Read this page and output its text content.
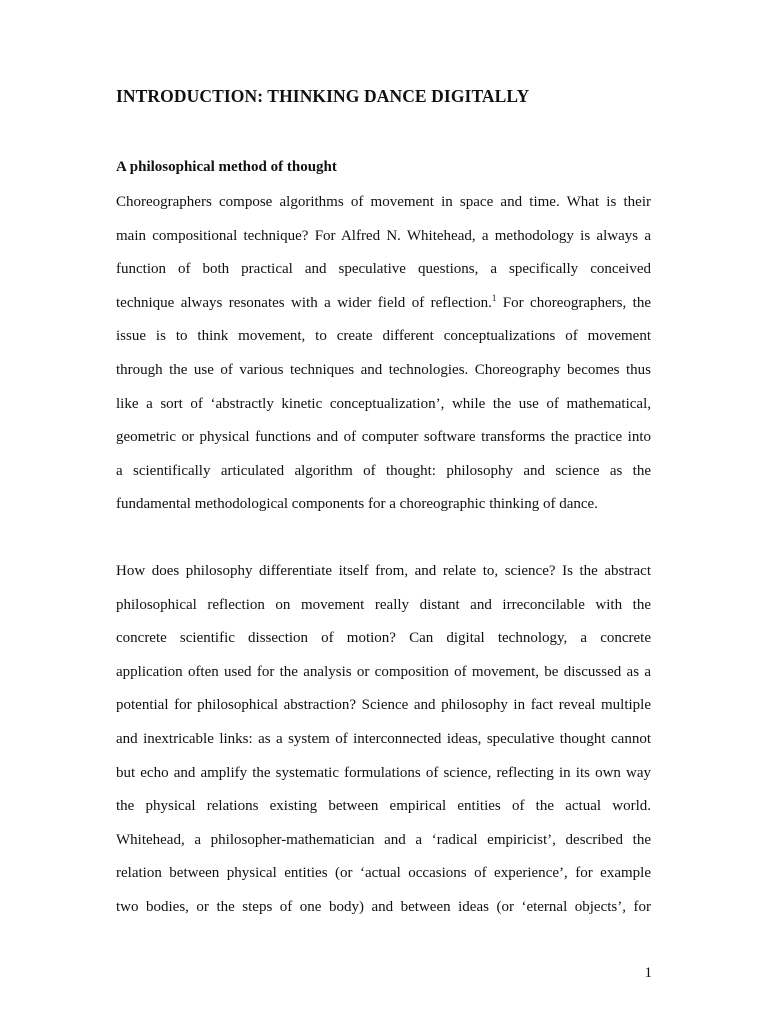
INTRODUCTION: THINKING DANCE DIGITALLY
A philosophical method of thought
Choreographers compose algorithms of movement in space and time. What is their
main compositional technique? For Alfred N. Whitehead, a methodology is always a
function of both practical and speculative questions, a specifically conceived
technique always resonates with a wider field of reflection.$^1$ For choreographers, the
issue is to think movement, to create different conceptualizations of movement
through the use of various techniques and technologies. Choreography becomes thus
like a sort of ‘abstractly kinetic conceptualization’, while the use of mathematical,
geometric or physical functions and of computer software transforms the practice into
a scientifically articulated algorithm of thought: philosophy and science as the
fundamental methodological components for a choreographic thinking of dance.
How does philosophy differentiate itself from, and relate to, science? Is the abstract
philosophical reflection on movement really distant and irreconcilable with the
concrete scientific dissection of motion? Can digital technology, a concrete
application often used for the analysis or composition of movement, be discussed as a
potential for philosophical abstraction? Science and philosophy in fact reveal multiple
and inextricable links: as a system of interconnected ideas, speculative thought cannot
but echo and amplify the systematic formulations of science, reflecting in its own way
the physical relations existing between empirical entities of the actual world.
Whitehead, a philosopher-mathematician and a ‘radical empiricist’, described the
relation between physical entities (or ‘actual occasions of experience’, for example
two bodies, or the steps of one body) and between ideas (or ‘eternal objects’, for
1
